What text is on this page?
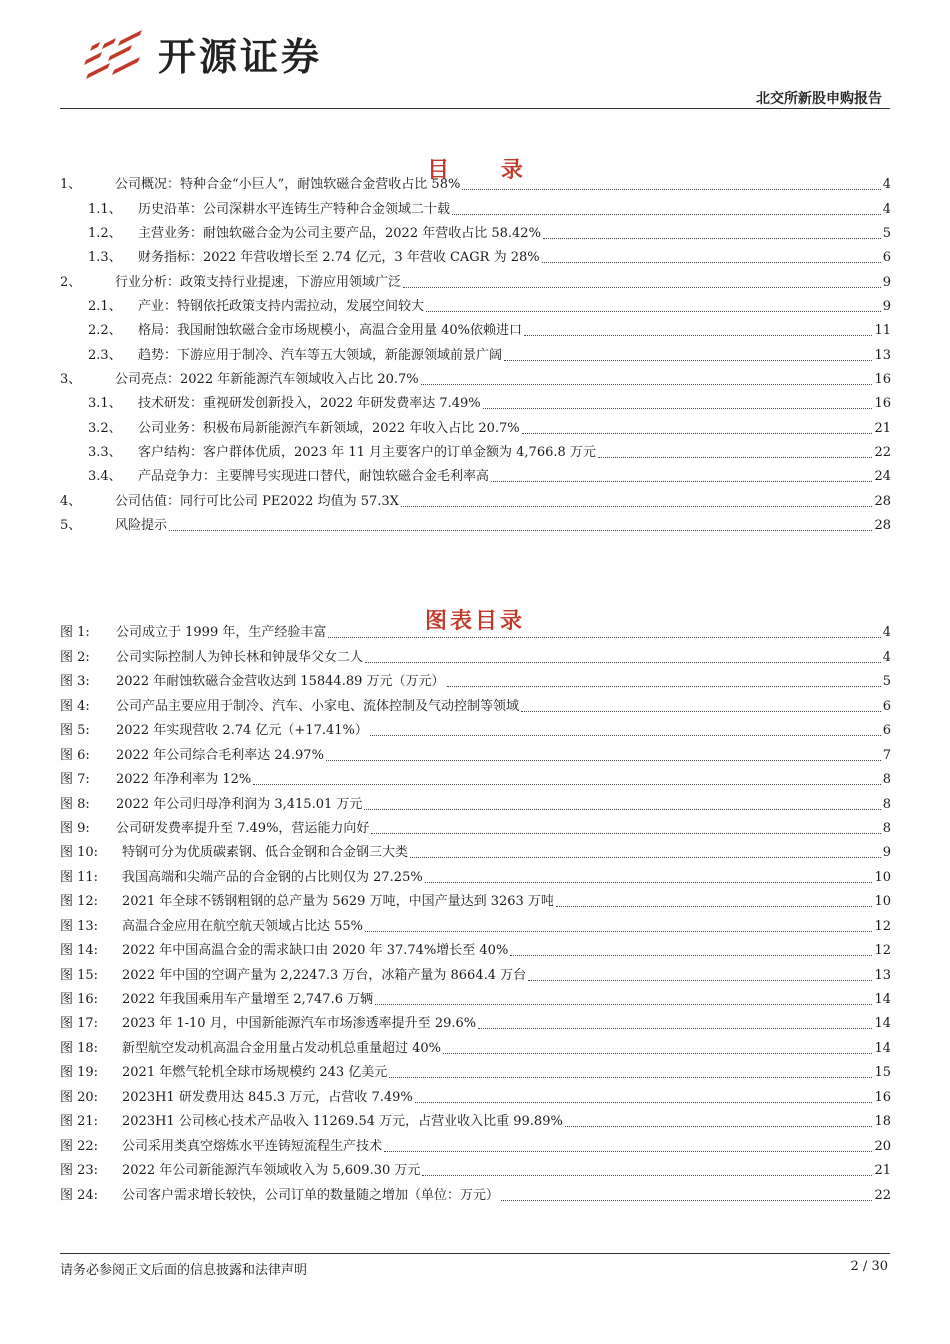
开源证券
北交所新股申购报告
目 录
1、	公司概况：特种合金“小巨人”，耐蚀软磁合金营收占比 58%	4
1.1、	历史沿革：公司深耕水平连铸生产特种合金领域二十载	4
1.2、	主营业务：耐蚀软磁合金为公司主要产品，2022 年营收占比 58.42%	5
1.3、	财务指标：2022 年营收增长至 2.74 亿元，3 年营收 CAGR 为 28%	6
2、	行业分析：政策支持行业提速，下游应用领域广泛	9
2.1、	产业：特钢依托政策支持内需拉动，发展空间较大	9
2.2、	格局：我国耐蚀软磁合金市场规模小，高温合金用量 40%依赖进口	11
2.3、	趋势：下游应用于制冷、汽车等五大领域，新能源领域前景广阔	13
3、	公司亮点：2022 年新能源汽车领域收入占比 20.7%	16
3.1、	技术研发：重视研发创新投入，2022 年研发费率达 7.49%	16
3.2、	公司业务：积极布局新能源汽车新领域，2022 年收入占比 20.7%	21
3.3、	客户结构：客户群体优质，2023 年 11 月主要客户的订单金额为 4,766.8 万元	22
3.4、	产品竞争力：主要牌号实现进口替代，耐蚀软磁合金毛利率高	24
4、	公司估值：同行可比公司 PE2022 均值为 57.3X	28
5、	风险提示	28
图表目录
图 1:	公司成立于 1999 年，生产经验丰富	4
图 2:	公司实际控制人为钟长林和钟晟华父女二人	4
图 3:	2022 年耐蚀软磁合金营收达到 15844.89 万元（万元）	5
图 4:	公司产品主要应用于制冷、汽车、小家电、流体控制及气动控制等领域	6
图 5:	2022 年实现营收 2.74 亿元（+17.41%）	6
图 6:	2022 年公司综合毛利率达 24.97%	7
图 7:	2022 年净利率为 12%	8
图 8:	2022 年公司归母净利润为 3,415.01 万元	8
图 9:	公司研发费率提升至 7.49%，营运能力向好	8
图 10:	特钢可分为优质碳素钢、低合金钢和合金钢三大类	9
图 11:	我国高端和尖端产品的合金钢的占比则仅为 27.25%	10
图 12:	2021 年全球不锈钢粗钢的总产量为 5629 万吨，中国产量达到 3263 万吨	10
图 13:	高温合金应用在航空航天领域占比达 55%	12
图 14:	2022 年中国高温合金的需求缺口由 2020 年 37.74%增长至 40%	12
图 15:	2022 年中国的空调产量为 2,2247.3 万台，冰箱产量为 8664.4 万台	13
图 16:	2022 年我国乘用车产量增至 2,747.6 万辆	14
图 17:	2023 年 1-10 月，中国新能源汽车市场渗透率提升至 29.6%	14
图 18:	新型航空发动机高温合金用量占发动机总重量超过 40%	14
图 19:	2021 年燃气轮机全球市场规模约 243 亿美元	15
图 20:	2023H1 研发费用达 845.3 万元，占营收 7.49%	16
图 21:	2023H1 公司核心技术产品收入 11269.54 万元，占营业收入比重 99.89%	18
图 22:	公司采用类真空熔炼水平连铸短流程生产技术	20
图 23:	2022 年公司新能源汽车领域收入为 5,609.30 万元	21
图 24:	公司客户需求增长较快，公司订单的数量随之增加（单位：万元）	22
请务必参阅正文后面的信息披露和法律声明	2 / 30
